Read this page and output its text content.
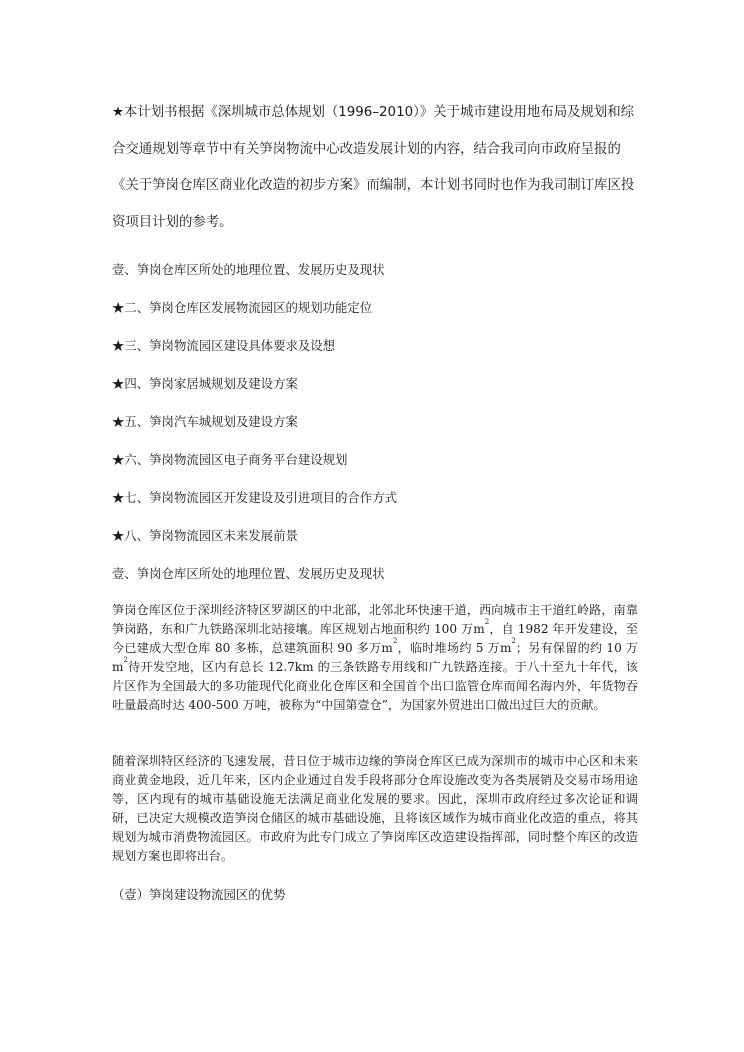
★本计划书根据《深圳城市总体规划（1996–2010）》关于城市建设用地布局及规划和综合交通规划等章节中有关笋岗物流中心改造发展计划的内容，结合我司向市政府呈报的《关于笋岗仓库区商业化改造的初步方案》而编制，本计划书同时也作为我司制订库区投资项目计划的参考。

壹、笋岗仓库区所处的地理位置、发展历史及现状

★二、笋岗仓库区发展物流园区的规划功能定位

★三、笋岗物流园区建设具体要求及设想

★四、笋岗家居城规划及建设方案

★五、笋岗汽车城规划及建设方案

★六、笋岗物流园区电子商务平台建设规划

★七、笋岗物流园区开发建设及引进项目的合作方式

★八、笋岗物流园区未来发展前景

壹、笋岗仓库区所处的地理位置、发展历史及现状

笋岗仓库区位于深圳经济特区罗湖区的中北部，北邻北环快速干道，西向城市主干道红岭路，南靠笋岗路，东和广九铁路深圳北站接壤。库区规划占地面积约 100 万$m^2$，自 1982 年开发建设，至今已建成大型仓库 80 多栋，总建筑面积 90 多万$m^2$，临时堆场约 5 万$m^2$；另有保留的约 10 万$m^2$待开发空地，区内有总长 12.7km 的三条铁路专用线和广九铁路连接。于八十至九十年代，该片区作为全国最大的多功能现代化商业化仓库区和全国首个出口监管仓库而闻名海内外，年货物吞吐量最高时达 400-500 万吨，被称为“中国第壹仓”，为国家外贸进出口做出过巨大的贡献。

随着深圳特区经济的飞速发展，昔日位于城市边缘的笋岗仓库区已成为深圳市的城市中心区和未来商业黄金地段，近几年来，区内企业通过自发手段将部分仓库设施改变为各类展销及交易市场用途等，区内现有的城市基础设施无法满足商业化发展的要求。因此，深圳市政府经过多次论证和调研，已决定大规模改造笋岗仓储区的城市基础设施，且将该区域作为城市商业化改造的重点，将其规划为城市消费物流园区。市政府为此专门成立了笋岗库区改造建设指挥部，同时整个库区的改造规划方案也即将出台。

（壹）笋岗建设物流园区的优势
